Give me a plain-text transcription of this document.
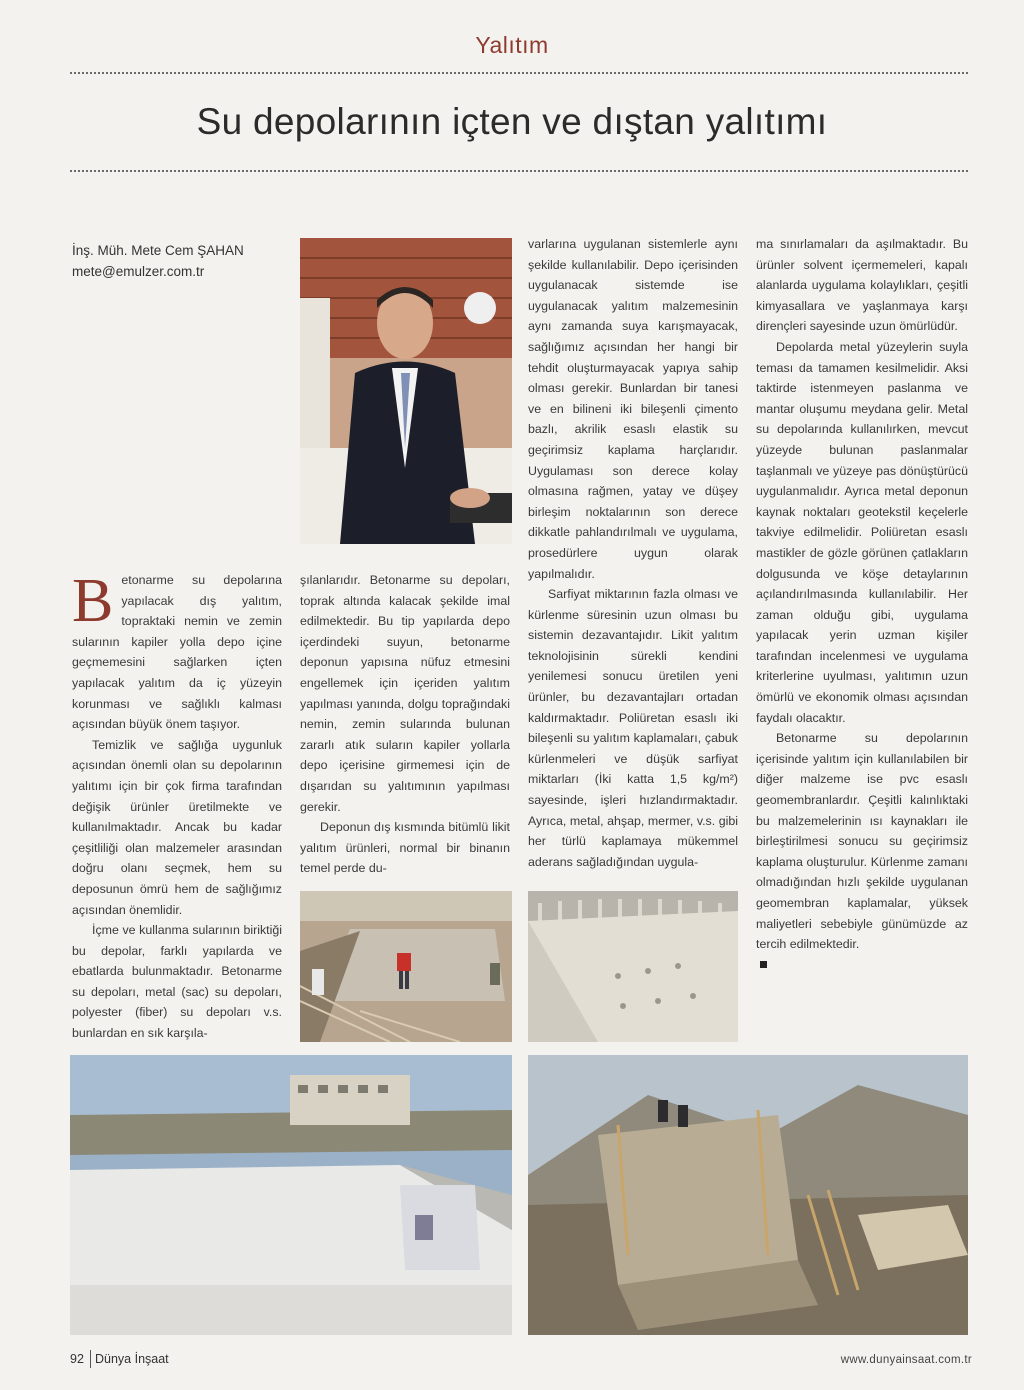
Yalıtım
Su depolarının içten ve dıştan yalıtımı
İnş. Müh. Mete Cem ŞAHAN
mete@emulzer.com.tr
B etonarme su depolarına yapılacak dış yalıtım, topraktaki nemin ve zemin sularının kapiler yolla depo içine geçmemesini sağlarken içten yapılacak yalıtım da iç yüzeyin korunması ve sağlıklı kalması açısından büyük önem taşıyor.

Temizlik ve sağlığa uygunluk açısından önemli olan su depolarının yalıtımı için bir çok firma tarafından değişik ürünler üretilmekte ve kullanılmaktadır. Ancak bu kadar çeşitliliği olan malzemeler arasından doğru olanı seçmek, hem su deposunun ömrü hem de sağlığımız açısından önemlidir.

İçme ve kullanma sularının biriktiği bu depolar, farklı yapılarda ve ebatlarda bulunmaktadır. Betonarme su depoları, metal (sac) su depoları, polyester (fiber) su depoları v.s. bunlardan en sık karşıla-

şılanlarıdır. Betonarme su depoları, toprak altında kalacak şekilde imal edilmektedir. Bu tip yapılarda depo içerdindeki suyun, betonarme deponun yapısına nüfuz etmesini engellemek için içeriden yalıtım yapılması yanında, dolgu toprağındaki nemin, zemin sularında bulunan zararlı atık suların kapiler yollarla depo içerisine girmemesi için de dışarıdan su yalıtımının yapılması gerekir.

Deponun dış kısmında bitümlü likit yalıtım ürünleri, normal bir binanın temel perde du-

varlarına uygulanan sistemlerle aynı şekilde kullanılabilir. Depo içerisinden uygulanacak sistemde ise uygulanacak yalıtım malzemesinin aynı zamanda suya karışmayacak, sağlığımız açısından her hangi bir tehdit oluşturmayacak yapıya sahip olması gerekir. Bunlardan bir tanesi ve en bilineni iki bileşenli çimento bazlı, akrilik esaslı elastik su geçirimsiz kaplama harçlarıdır. Uygulaması son derece kolay olmasına rağmen, yatay ve düşey birleşim noktalarının son derece dikkatle pahlandırılmalı ve uygulama, prosedürlere uygun olarak yapılmalıdır.

Sarfiyat miktarının fazla olması ve kürlenme süresinin uzun olması bu sistemin dezavantajıdır. Likit yalıtım teknolojisinin sürekli kendini yenilemesi sonucu üretilen yeni ürünler, bu dezavantajları ortadan kaldırmaktadır. Poliüretan esaslı iki bileşenli su yalıtım kaplamaları, çabuk kürlenmeleri ve düşük sarfiyat miktarları (İki katta 1,5 kg/m²) sayesinde, işleri hızlandırmaktadır. Ayrıca, metal, ahşap, mermer, v.s. gibi her türlü kaplamaya mükemmel aderans sağladığından uygula-

ma sınırlamaları da aşılmaktadır. Bu ürünler solvent içermemeleri, kapalı alanlarda uygulama kolaylıkları, çeşitli kimyasallara ve yaşlanmaya karşı dirençleri sayesinde uzun ömürlüdür.

Depolarda metal yüzeylerin suyla teması da tamamen kesilmelidir. Aksi taktirde istenmeyen paslanma ve mantar oluşumu meydana gelir. Metal su depolarında kullanılırken, mevcut yüzeyde bulunan paslanmalar taşlanmalı ve yüzeye pas dönüştürücü uygulanmalıdır. Ayrıca metal deponun kaynak noktaları geotekstil keçelerle takviye edilmelidir. Poliüretan esaslı mastikler de gözle görünen çatlakların dolgusunda ve köşe detaylarının açılandırılmasında kullanılabilir. Her zaman olduğu gibi, uygulama yapılacak yerin uzman kişiler tarafından incelenmesi ve uygulama kriterlerine uyulması, yalıtımın uzun ömürlü ve ekonomik olması açısından faydalı olacaktır.

Betonarme su depolarının içerisinde yalıtım için kullanılabilen bir diğer malzeme ise pvc esaslı geomembranlardır. Çeşitli kalınlıktaki bu malzemelerinin ısı kaynakları ile birleştirilmesi sonucu su geçirimsiz kaplama oluşturulur. Kürlenme zamanı olmadığından hızlı şekilde uygulanan geomembran kaplamalar, yüksek maliyetleri sebebiyle günümüzde az tercih edilmektedir.

92 Dünya İnşaat	www.dunyainsaat.com.tr
